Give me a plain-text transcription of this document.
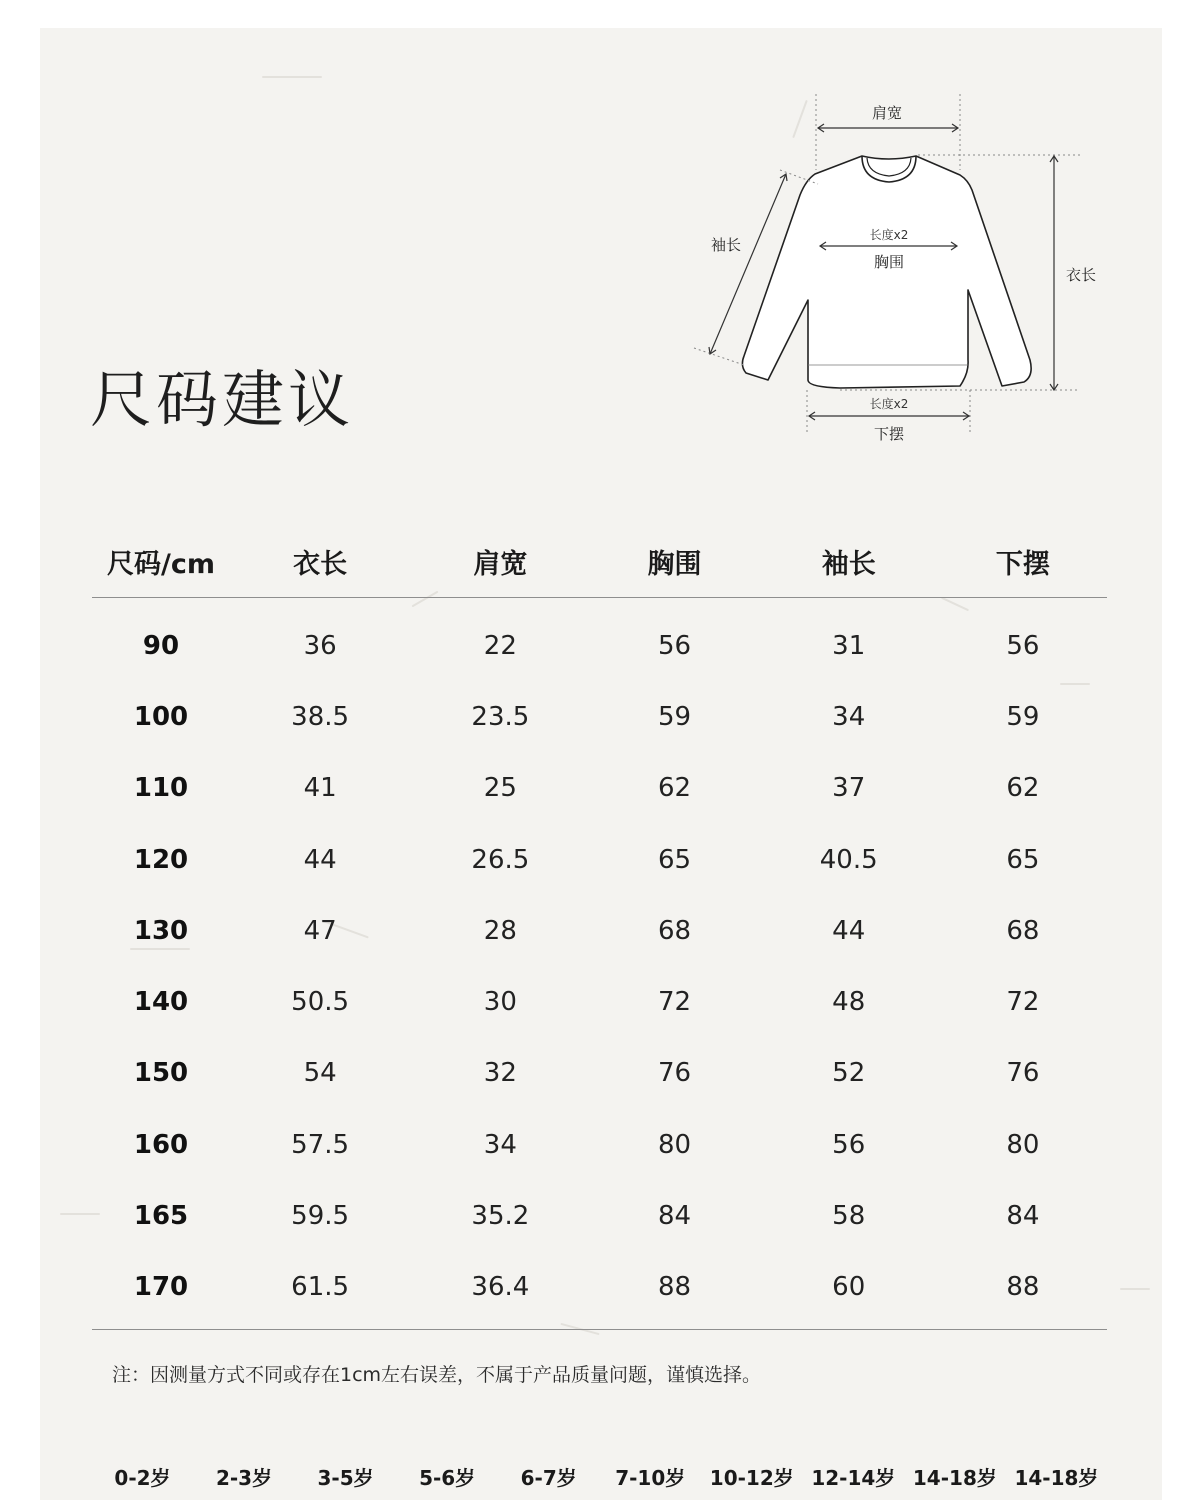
尺码建议
肩宽
袖长
长度x2
胸围
衣长
长度x2
下摆
尺码/cm	衣长	肩宽	胸围	袖长	下摆
90	36	22	56	31	56
100	38.5	23.5	59	34	59
110	41	25	62	37	62
120	44	26.5	65	40.5	65
130	47	28	68	44	68
140	50.5	30	72	48	72
150	54	32	76	52	76
160	57.5	34	80	56	80
165	59.5	35.2	84	58	84
170	61.5	36.4	88	60	88
注：因测量方式不同或存在1cm左右误差，不属于产品质量问题，谨慎选择。
0-2岁	2-3岁	3-5岁	5-6岁	6-7岁	7-10岁	10-12岁 12-14岁 14-18岁 14-18岁
